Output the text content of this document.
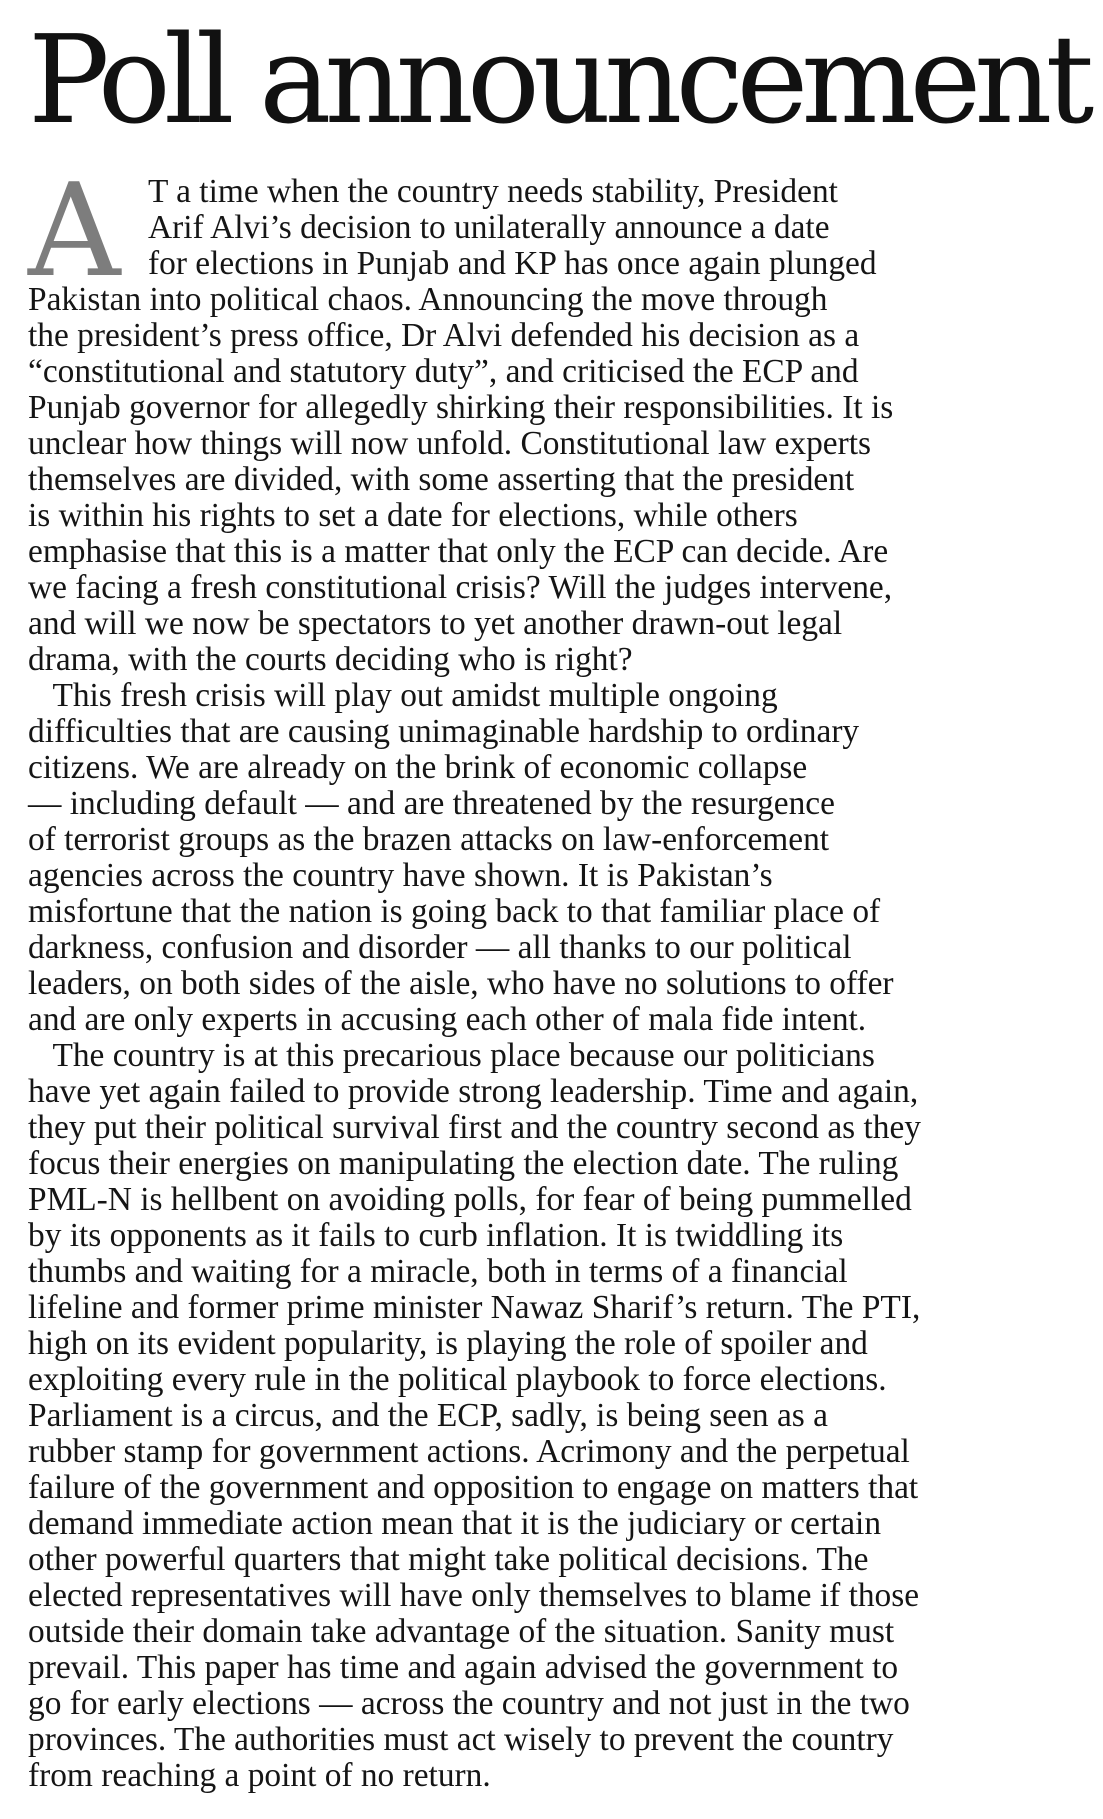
Poll announcement
A T a time when the country needs stability, President
Arif Alvi’s decision to unilaterally announce a date
for elections in Punjab and KP has once again plunged
Pakistan into political chaos. Announcing the move through
the president’s press office, Dr Alvi defended his decision as a
“constitutional and statutory duty”, and criticised the ECP and
Punjab governor for allegedly shirking their responsibilities. It is
unclear how things will now unfold. Constitutional law experts
themselves are divided, with some asserting that the president
is within his rights to set a date for elections, while others
emphasise that this is a matter that only the ECP can decide. Are
we facing a fresh constitutional crisis? Will the judges intervene,
and will we now be spectators to yet another drawn-out legal
drama, with the courts deciding who is right?
This fresh crisis will play out amidst multiple ongoing
difficulties that are causing unimaginable hardship to ordinary
citizens. We are already on the brink of economic collapse
— including default — and are threatened by the resurgence
of terrorist groups as the brazen attacks on law-enforcement
agencies across the country have shown. It is Pakistan’s
misfortune that the nation is going back to that familiar place of
darkness, confusion and disorder — all thanks to our political
leaders, on both sides of the aisle, who have no solutions to offer
and are only experts in accusing each other of mala fide intent.
The country is at this precarious place because our politicians
have yet again failed to provide strong leadership. Time and again,
they put their political survival first and the country second as they
focus their energies on manipulating the election date. The ruling
PML-N is hellbent on avoiding polls, for fear of being pummelled
by its opponents as it fails to curb inflation. It is twiddling its
thumbs and waiting for a miracle, both in terms of a financial
lifeline and former prime minister Nawaz Sharif’s return. The PTI,
high on its evident popularity, is playing the role of spoiler and
exploiting every rule in the political playbook to force elections.
Parliament is a circus, and the ECP, sadly, is being seen as a
rubber stamp for government actions. Acrimony and the perpetual
failure of the government and opposition to engage on matters that
demand immediate action mean that it is the judiciary or certain
other powerful quarters that might take political decisions. The
elected representatives will have only themselves to blame if those
outside their domain take advantage of the situation. Sanity must
prevail. This paper has time and again advised the government to
go for early elections — across the country and not just in the two
provinces. The authorities must act wisely to prevent the country
from reaching a point of no return.
